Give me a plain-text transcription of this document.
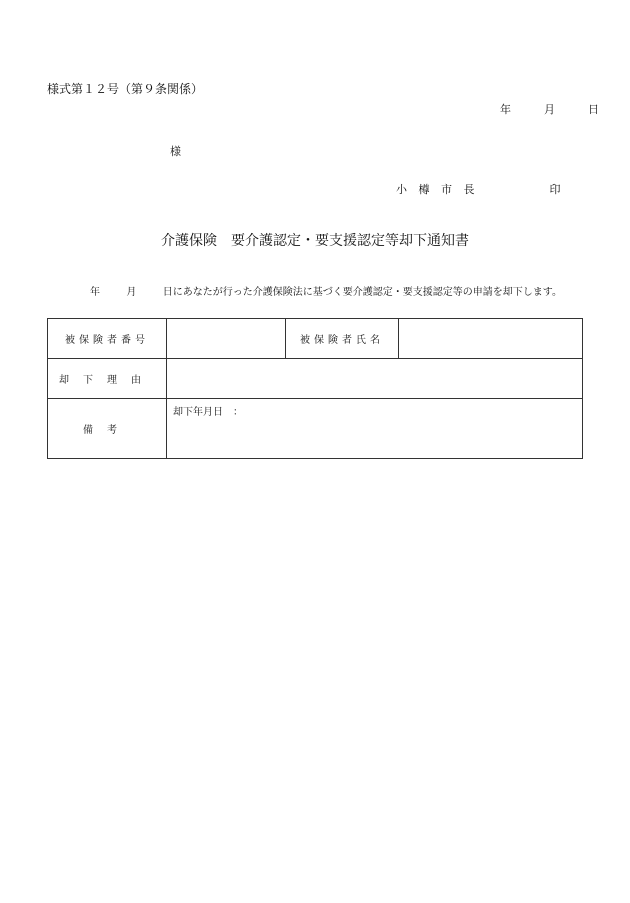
様式第１２号（第９条関係）
年	月	日
様
小 樽 市 長	印
介護保険　要介護認定・要支援認定等却下通知書
年	月	日にあなたが行った介護保険法に基づく要介護認定・要支援認定等の申請を却下します。
被保険者番号		被保険者氏名	
却下理由			
備考	却下年月日　：		
